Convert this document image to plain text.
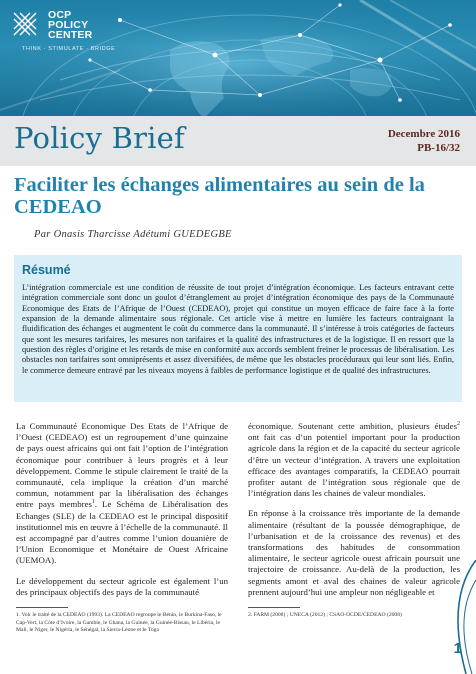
OCP
POLICY CENTER
THINK · STIMULATE · BRIDGE
Policy Brief	Decembre 2016
PB-16/32
Faciliter les échanges alimentaires au sein de la CEDEAO
Par Onasis Tharcisse Adétumi GUEDEGBE
Résumé

L’intégration commerciale est une condition de réussite de tout projet d’intégration économique. Les facteurs entravant cette intégration commerciale sont donc un goulot d’étranglement au projet d’intégration économique des pays de la Communauté Economique des Etats de l’Afrique de l’Ouest (CEDEAO), projet qui constitue un moyen efficace de faire face à la forte expansion de la demande alimentaire sous régionale. Cet article vise à mettre en lumière les facteurs contraignant la fluidification des échanges et augmentent le coût du commerce dans la communauté. Il s’intéresse à trois catégories de facteurs que sont les mesures tarifaires, les mesures non tarifaires et la qualité des infrastructures et de la logistique. Il en ressort que la question des règles d’origine et les retards de mise en conformité aux accords semblent freiner le processus de libéralisation. Les obstacles non tarifaires sont omniprésents et assez diversifiées, de même que les obstacles procéduraux qui leur sont liés. Enfin, le commerce demeure entravé par les niveaux moyens à faibles de performance logistique et de qualité des infrastructures.

La Communauté Economique Des Etats de l’Afrique de l’Ouest (CEDEAO) est un regroupement d’une quinzaine de pays ouest africains qui ont fait l’option de l’intégration économique pour contribuer à leurs progrès et à leur développement. Comme le stipule clairement le traité de la communauté, cela implique la création d’un marché commun, notamment par la libéralisation des échanges entre pays membres$^1$. Le Schéma de Libéralisation des Echanges (SLE) de la CEDEAO est le principal dispositif institutionnel mis en œuvre à l’échelle de la communauté. Il est accompagné par d’autres comme l’union douanière de l’Union Economique et Monétaire de Ouest Africaine (UEMOA).

Le développement du secteur agricole est également l’un des principaux objectifs des pays de la communauté

économique. Soutenant cette ambition, plusieurs études$^2$ ont fait cas d’un potentiel important pour la production agricole dans la région et de la capacité du secteur agricole d’être un vecteur d’intégration. A travers une exploitation efficace des avantages comparatifs, la CEDEAO pourrait profiter autant de l’intégration sous régionale que de l’intégration dans les chaines de valeur mondiales.

En réponse à la croissance très importante de la demande alimentaire (résultant de la poussée démographique, de l’urbanisation et de la croissance des revenus) et des transformations des habitudes de consommation alimentaire, le secteur agricole ouest africain poursuit une trajectoire de croissance. Au-delà de la production, les segments amont et aval des chaines de valeur agricole prennent aujourd’hui une ampleur non négligeable et

1. Voir le traité de la CEDEAO (1993). La CEDEAO regroupe le Bénin, le Burkina-Faso, le Cap-Vert, la Côte d’Ivoire, la Gambie, le Ghana, la Guinée, la Guinée-Bissau, le Libéria, le Mali, le Niger, le Nigéria, le Sénégal, la Sierra-Léone et le Togo
2. FARM (2008) ; UNECA (2012) ; CSAO-OCDE/CEDEAO (2008)
1
